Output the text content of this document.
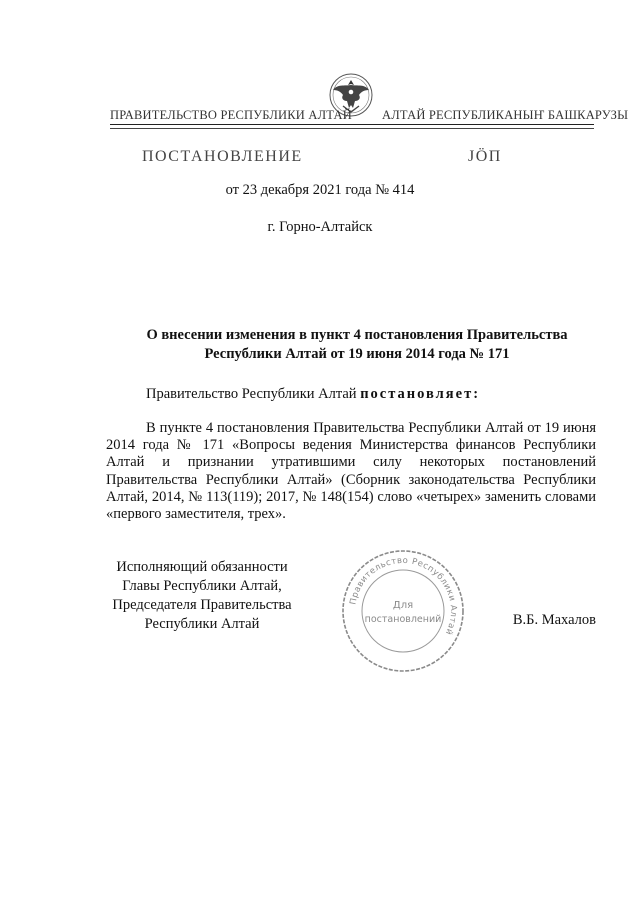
ПРАВИТЕЛЬСТВО РЕСПУБЛИКИ АЛТАЙ АЛТАЙ РЕСПУБЛИКАНЫҤ БАШКАРУЗЫ
ПОСТАНОВЛЕНИЕ	ЈӦП
от 23 декабря 2021 года № 414
г. Горно-Алтайск
О внесении изменения в пункт 4 постановления Правительства
Республики Алтай от 19 июня 2014 года № 171
Правительство Республики Алтай постановляет:
В пункте 4 постановления Правительства Республики Алтай от 19 июня 2014 года № 171 «Вопросы ведения Министерства финансов Республики Алтай и признании утратившими силу некоторых постановлений Правительства Республики Алтай» (Сборник законодательства Республики Алтай, 2014, № 113(119); 2017, № 148(154) слово «четырех» заменить словами «первого заместителя, трех».
Исполняющий обязанности
Главы Республики Алтай,
Председателя Правительства
Республики Алтай	В.Б. Махалов
Правительство Республики Алтай
Для
постановлений
